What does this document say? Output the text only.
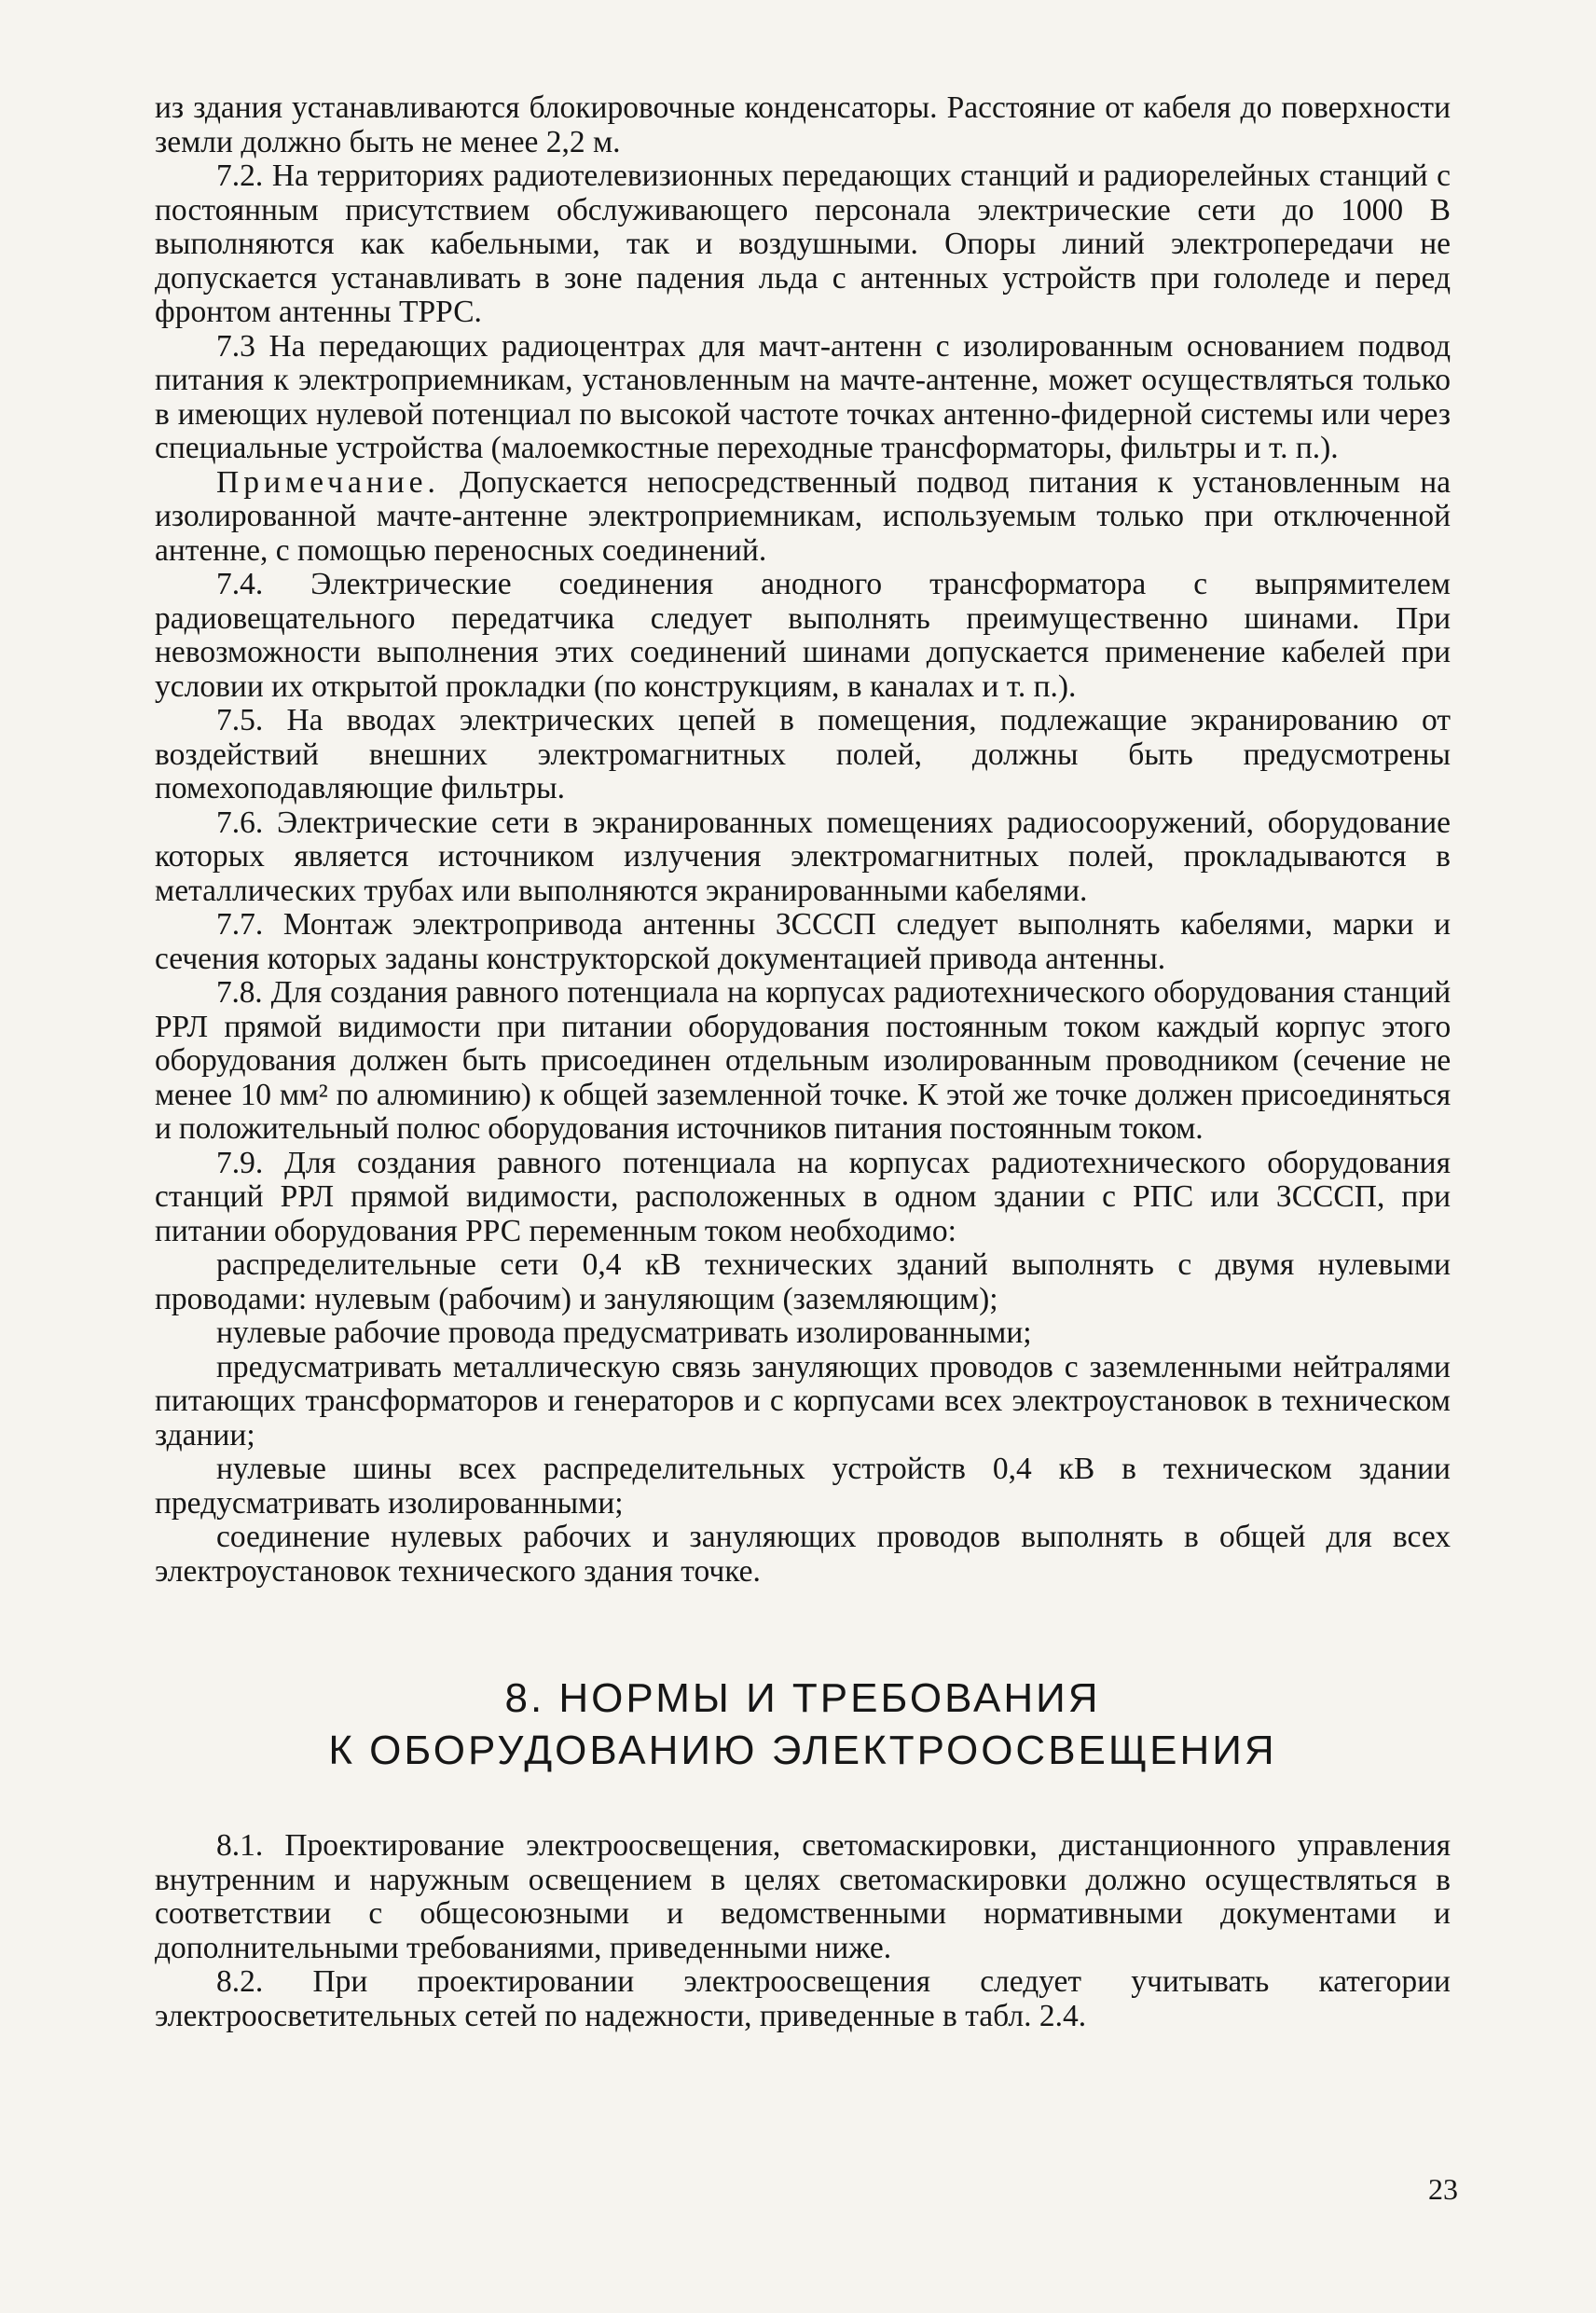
из здания устанавливаются блокировочные конденсаторы. Расстояние от кабеля до поверхности земли должно быть не менее 2,2 м.

7.2. На территориях радиотелевизионных передающих станций и радиорелейных станций с постоянным присутствием обслуживающего персонала электрические сети до 1000 В выполняются как кабельными, так и воздушными. Опоры линий электропередачи не допускается устанавливать в зоне падения льда с антенных устройств при гололеде и перед фронтом антенны ТРРС.

7.3 На передающих радиоцентрах для мачт-антенн с изолированным основанием подвод питания к электроприемникам, установленным на мачте-антенне, может осуществляться только в имеющих нулевой потенциал по высокой частоте точках антенно-фидерной системы или через специальные устройства (малоемкостные переходные трансформаторы, фильтры и т. п.).

Примечание. Допускается непосредственный подвод питания к установленным на изолированной мачте-антенне электроприемникам, используемым только при отключенной антенне, с помощью переносных соединений.

7.4. Электрические соединения анодного трансформатора с выпрямителем радиовещательного передатчика следует выполнять преимущественно шинами. При невозможности выполнения этих соединений шинами допускается применение кабелей при условии их открытой прокладки (по конструкциям, в каналах и т. п.).

7.5. На вводах электрических цепей в помещения, подлежащие экранированию от воздействий внешних электромагнитных полей, должны быть предусмотрены помехоподавляющие фильтры.

7.6. Электрические сети в экранированных помещениях радиосооружений, оборудование которых является источником излучения электромагнитных полей, прокладываются в металлических трубах или выполняются экранированными кабелями.

7.7. Монтаж электропривода антенны ЗСССП следует выполнять кабелями, марки и сечения которых заданы конструкторской документацией привода антенны.

7.8. Для создания равного потенциала на корпусах радиотехнического оборудования станций РРЛ прямой видимости при питании оборудования постоянным током каждый корпус этого оборудования должен быть присоединен отдельным изолированным проводником (сечение не менее 10 мм² по алюминию) к общей заземленной точке. К этой же точке должен присоединяться и положительный полюс оборудования источников питания постоянным током.

7.9. Для создания равного потенциала на корпусах радиотехнического оборудования станций РРЛ прямой видимости, расположенных в одном здании с РПС или ЗСССП, при питании оборудования РРС переменным током необходимо:

распределительные сети 0,4 кВ технических зданий выполнять с двумя нулевыми проводами: нулевым (рабочим) и зануляющим (заземляющим);

нулевые рабочие провода предусматривать изолированными;

предусматривать металлическую связь зануляющих проводов с заземленными нейтралями питающих трансформаторов и генераторов и с корпусами всех электроустановок в техническом здании;

нулевые шины всех распределительных устройств 0,4 кВ в техническом здании предусматривать изолированными;

соединение нулевых рабочих и зануляющих проводов выполнять в общей для всех электроустановок технического здания точке.

8. НОРМЫ И ТРЕБОВАНИЯ
К ОБОРУДОВАНИЮ ЭЛЕКТРООСВЕЩЕНИЯ

8.1. Проектирование электроосвещения, светомаскировки, дистанционного управления внутренним и наружным освещением в целях светомаскировки должно осуществляться в соответствии с общесоюзными и ведомственными нормативными документами и дополнительными требованиями, приведенными ниже.

8.2. При проектировании электроосвещения следует учитывать категории электроосветительных сетей по надежности, приведенные в табл. 2.4.

23
